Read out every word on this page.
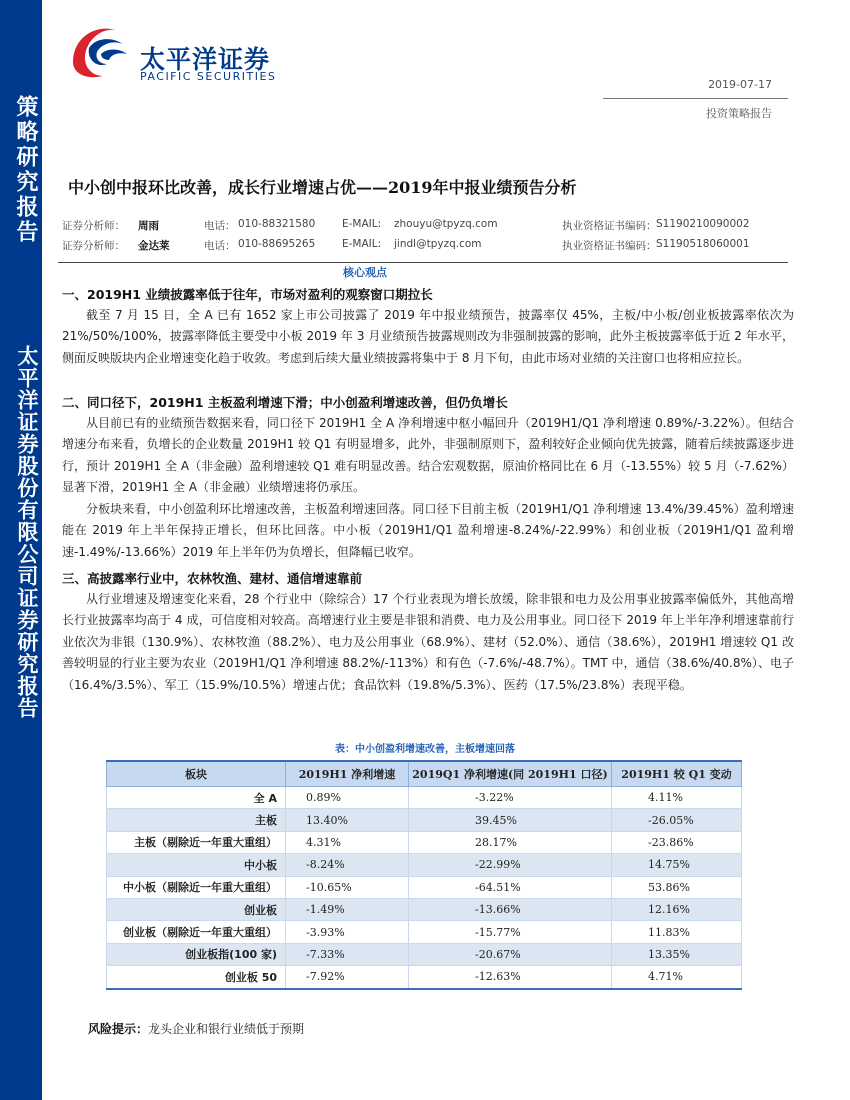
策略研究报告
太平洋证券股份有限公司证券研究报告
太平洋证券
PACIFIC SECURITIES
2019-07-17
投资策略报告
中小创中报环比改善，成长行业增速占优——2019年中报业绩预告分析
证券分析师： 周雨	电话： 010-88321580	E-MAIL: zhouyu@tpyzq.com	执业资格证书编码： S1190210090002
证券分析师： 金达莱	电话： 010-88695265	E-MAIL: jindl@tpyzq.com	执业资格证书编码： S1190518060001
核心观点
一、2019H1 业绩披露率低于往年，市场对盈利的观察窗口期拉长
截至 7 月 15 日，全 A 已有 1652 家上市公司披露了 2019 年中报业绩预告，披露率仅 45%，主板/中小板/创业板披露率依次为 21%/50%/100%，披露率降低主要受中小板 2019 年 3 月业绩预告披露规则改为非强制披露的影响，此外主板披露率低于近 2 年水平，侧面反映版块内企业增速变化趋于收敛。考虑到后续大量业绩披露将集中于 8 月下旬，由此市场对业绩的关注窗口也将相应拉长。
二、同口径下，2019H1 主板盈利增速下滑；中小创盈利增速改善，但仍负增长
从目前已有的业绩预告数据来看，同口径下 2019H1 全 A 净利增速中枢小幅回升（2019H1/Q1 净利增速 0.89%/-3.22%）。但结合增速分布来看，负增长的企业数量 2019H1 较 Q1 有明显增多，此外，非强制原则下，盈利较好企业倾向优先披露，随着后续披露逐步进行，预计 2019H1 全 A（非金融）盈利增速较 Q1 难有明显改善。结合宏观数据，原油价格同比在 6 月（-13.55%）较 5 月（-7.62%）显著下滑，2019H1 全 A（非金融）业绩增速将仍承压。
分板块来看，中小创盈利环比增速改善，主板盈利增速回落。同口径下目前主板（2019H1/Q1 净利增速 13.4%/39.45%）盈利增速能在 2019 年上半年保持正增长，但环比回落。中小板（2019H1/Q1 盈利增速-8.24%/-22.99%）和创业板（2019H1/Q1 盈利增速-1.49%/-13.66%）2019 年上半年仍为负增长，但降幅已收窄。
三、高披露率行业中，农林牧渔、建材、通信增速靠前
从行业增速及增速变化来看，28 个行业中（除综合）17 个行业表现为增长放缓，除非银和电力及公用事业披露率偏低外，其他高增长行业披露率均高于 4 成，可信度相对较高。高增速行业主要是非银和消费、电力及公用事业。同口径下 2019 年上半年净利增速靠前行业依次为非银（130.9%）、农林牧渔（88.2%）、电力及公用事业（68.9%）、建材（52.0%）、通信（38.6%），2019H1 增速较 Q1 改善较明显的行业主要为农业（2019H1/Q1 净利增速 88.2%/-113%）和有色（-7.6%/-48.7%）。TMT 中，通信（38.6%/40.8%）、电子（16.4%/3.5%）、军工（15.9%/10.5%）增速占优；食品饮料（19.8%/5.3%）、医药（17.5%/23.8%）表现平稳。
表：中小创盈利增速改善，主板增速回落
板块	2019H1 净利增速	2019Q1 净利增速(同 2019H1 口径)	2019H1 较 Q1 变动
全 A	0.89%	-3.22%	4.11%
主板	13.40%	39.45%	-26.05%
主板（剔除近一年重大重组）	4.31%	28.17%	-23.86%
中小板	-8.24%	-22.99%	14.75%
中小板（剔除近一年重大重组）	-10.65%	-64.51%	53.86%
创业板	-1.49%	-13.66%	12.16%
创业板（剔除近一年重大重组）	-3.93%	-15.77%	11.83%
创业板指(100 家)	-7.33%	-20.67%	13.35%
创业板 50	-7.92%	-12.63%	4.71%
风险提示：龙头企业和银行业绩低于预期
